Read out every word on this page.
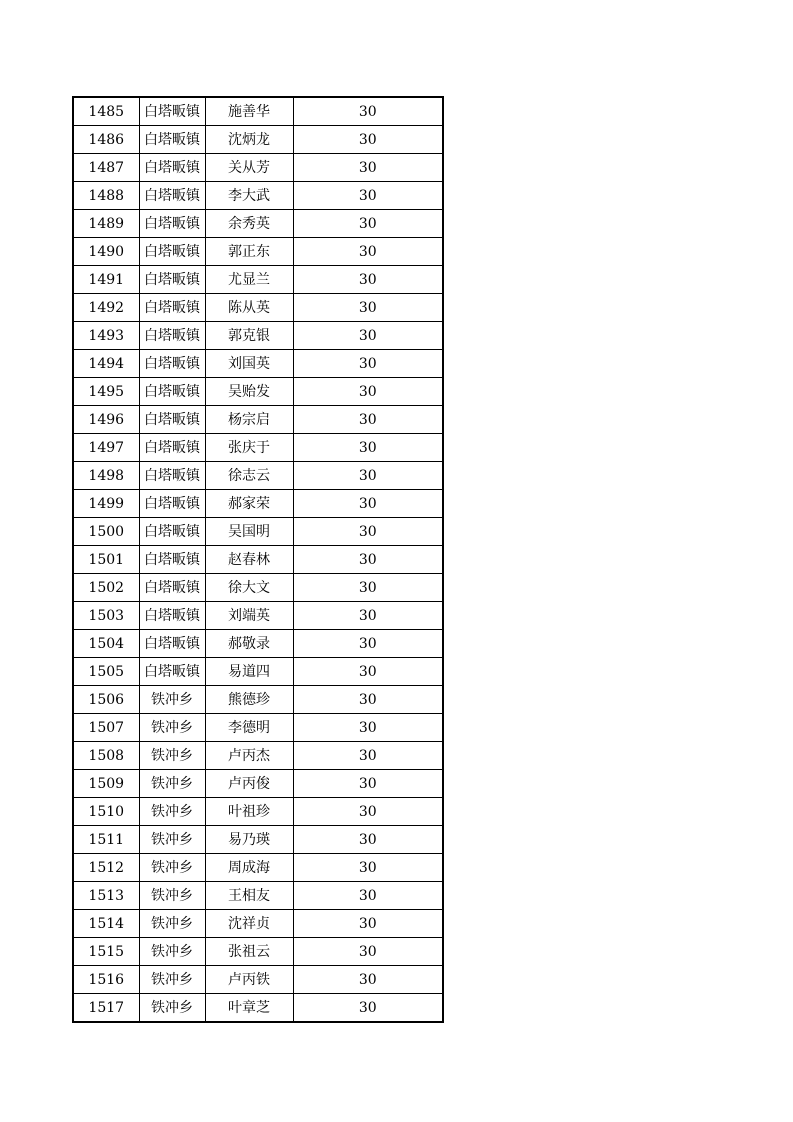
1485	白塔畈镇	施善华	30
1486	白塔畈镇	沈炳龙	30
1487	白塔畈镇	关从芳	30
1488	白塔畈镇	李大武	30
1489	白塔畈镇	余秀英	30
1490	白塔畈镇	郭正东	30
1491	白塔畈镇	尤显兰	30
1492	白塔畈镇	陈从英	30
1493	白塔畈镇	郭克银	30
1494	白塔畈镇	刘国英	30
1495	白塔畈镇	吴贻发	30
1496	白塔畈镇	杨宗启	30
1497	白塔畈镇	张庆于	30
1498	白塔畈镇	徐志云	30
1499	白塔畈镇	郝家荣	30
1500	白塔畈镇	吴国明	30
1501	白塔畈镇	赵春林	30
1502	白塔畈镇	徐大文	30
1503	白塔畈镇	刘端英	30
1504	白塔畈镇	郝敬录	30
1505	白塔畈镇	易道四	30
1506	铁冲乡	熊德珍	30
1507	铁冲乡	李德明	30
1508	铁冲乡	卢丙杰	30
1509	铁冲乡	卢丙俊	30
1510	铁冲乡	叶祖珍	30
1511	铁冲乡	易乃瑛	30
1512	铁冲乡	周成海	30
1513	铁冲乡	王相友	30
1514	铁冲乡	沈祥贞	30
1515	铁冲乡	张祖云	30
1516	铁冲乡	卢丙铁	30
1517	铁冲乡	叶章芝	30
